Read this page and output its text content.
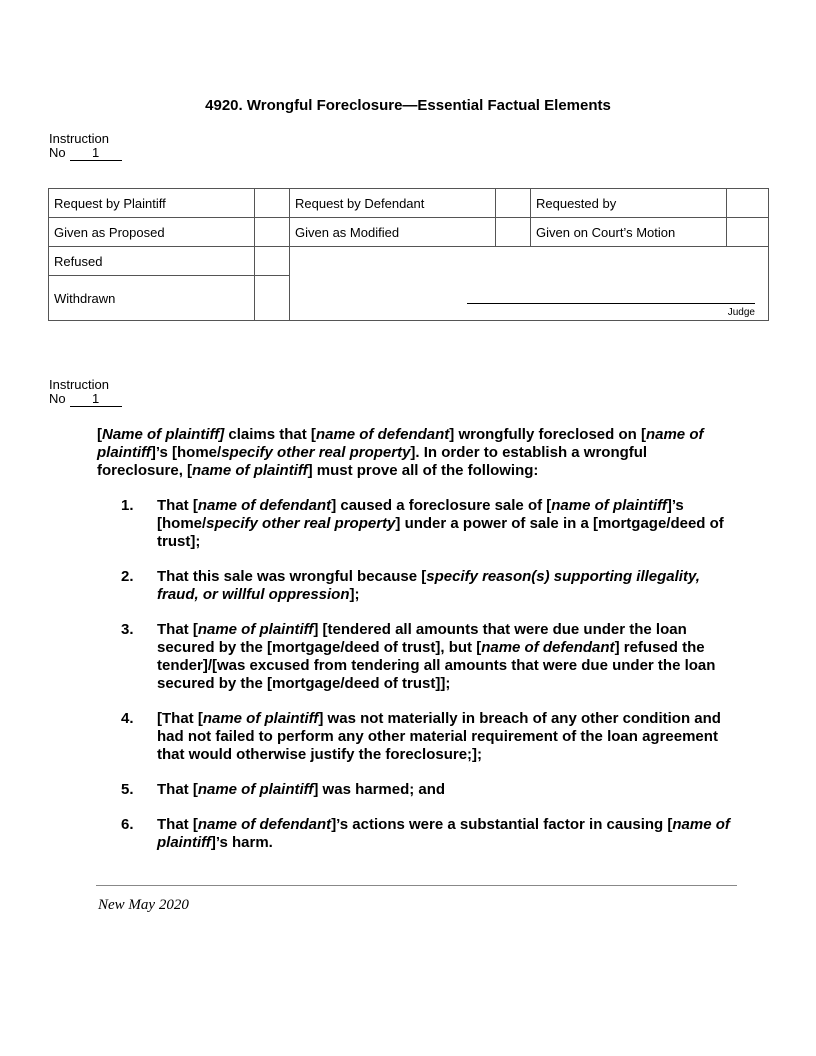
4920. Wrongful Foreclosure—Essential Factual Elements
Instruction
No 1
Request by Plaintiff		Request by Defendant		Requested by	
Given as Proposed		Given as Modified		Given on Court’s Motion	
Refused		Judge			

Withdrawn					
Instruction
No 1
[Name of plaintiff] claims that [name of defendant] wrongfully foreclosed on [name of plaintiff]’s [home/specify other real property]. In order to establish a wrongful foreclosure, [name of plaintiff] must prove all of the following:
1. That [name of defendant] caused a foreclosure sale of [name of plaintiff]’s [home/specify other real property] under a power of sale in a [mortgage/deed of trust];
2. That this sale was wrongful because [specify reason(s) supporting illegality, fraud, or willful oppression];
3. That [name of plaintiff] [tendered all amounts that were due under the loan secured by the [mortgage/deed of trust], but [name of defendant] refused the tender]/[was excused from tendering all amounts that were due under the loan secured by the [mortgage/deed of trust]];
4. [That [name of plaintiff] was not materially in breach of any other condition and had not failed to perform any other material requirement of the loan agreement that would otherwise justify the foreclosure;];
5. That [name of plaintiff] was harmed; and
6. That [name of defendant]’s actions were a substantial factor in causing [name of plaintiff]’s harm.
New May 2020
